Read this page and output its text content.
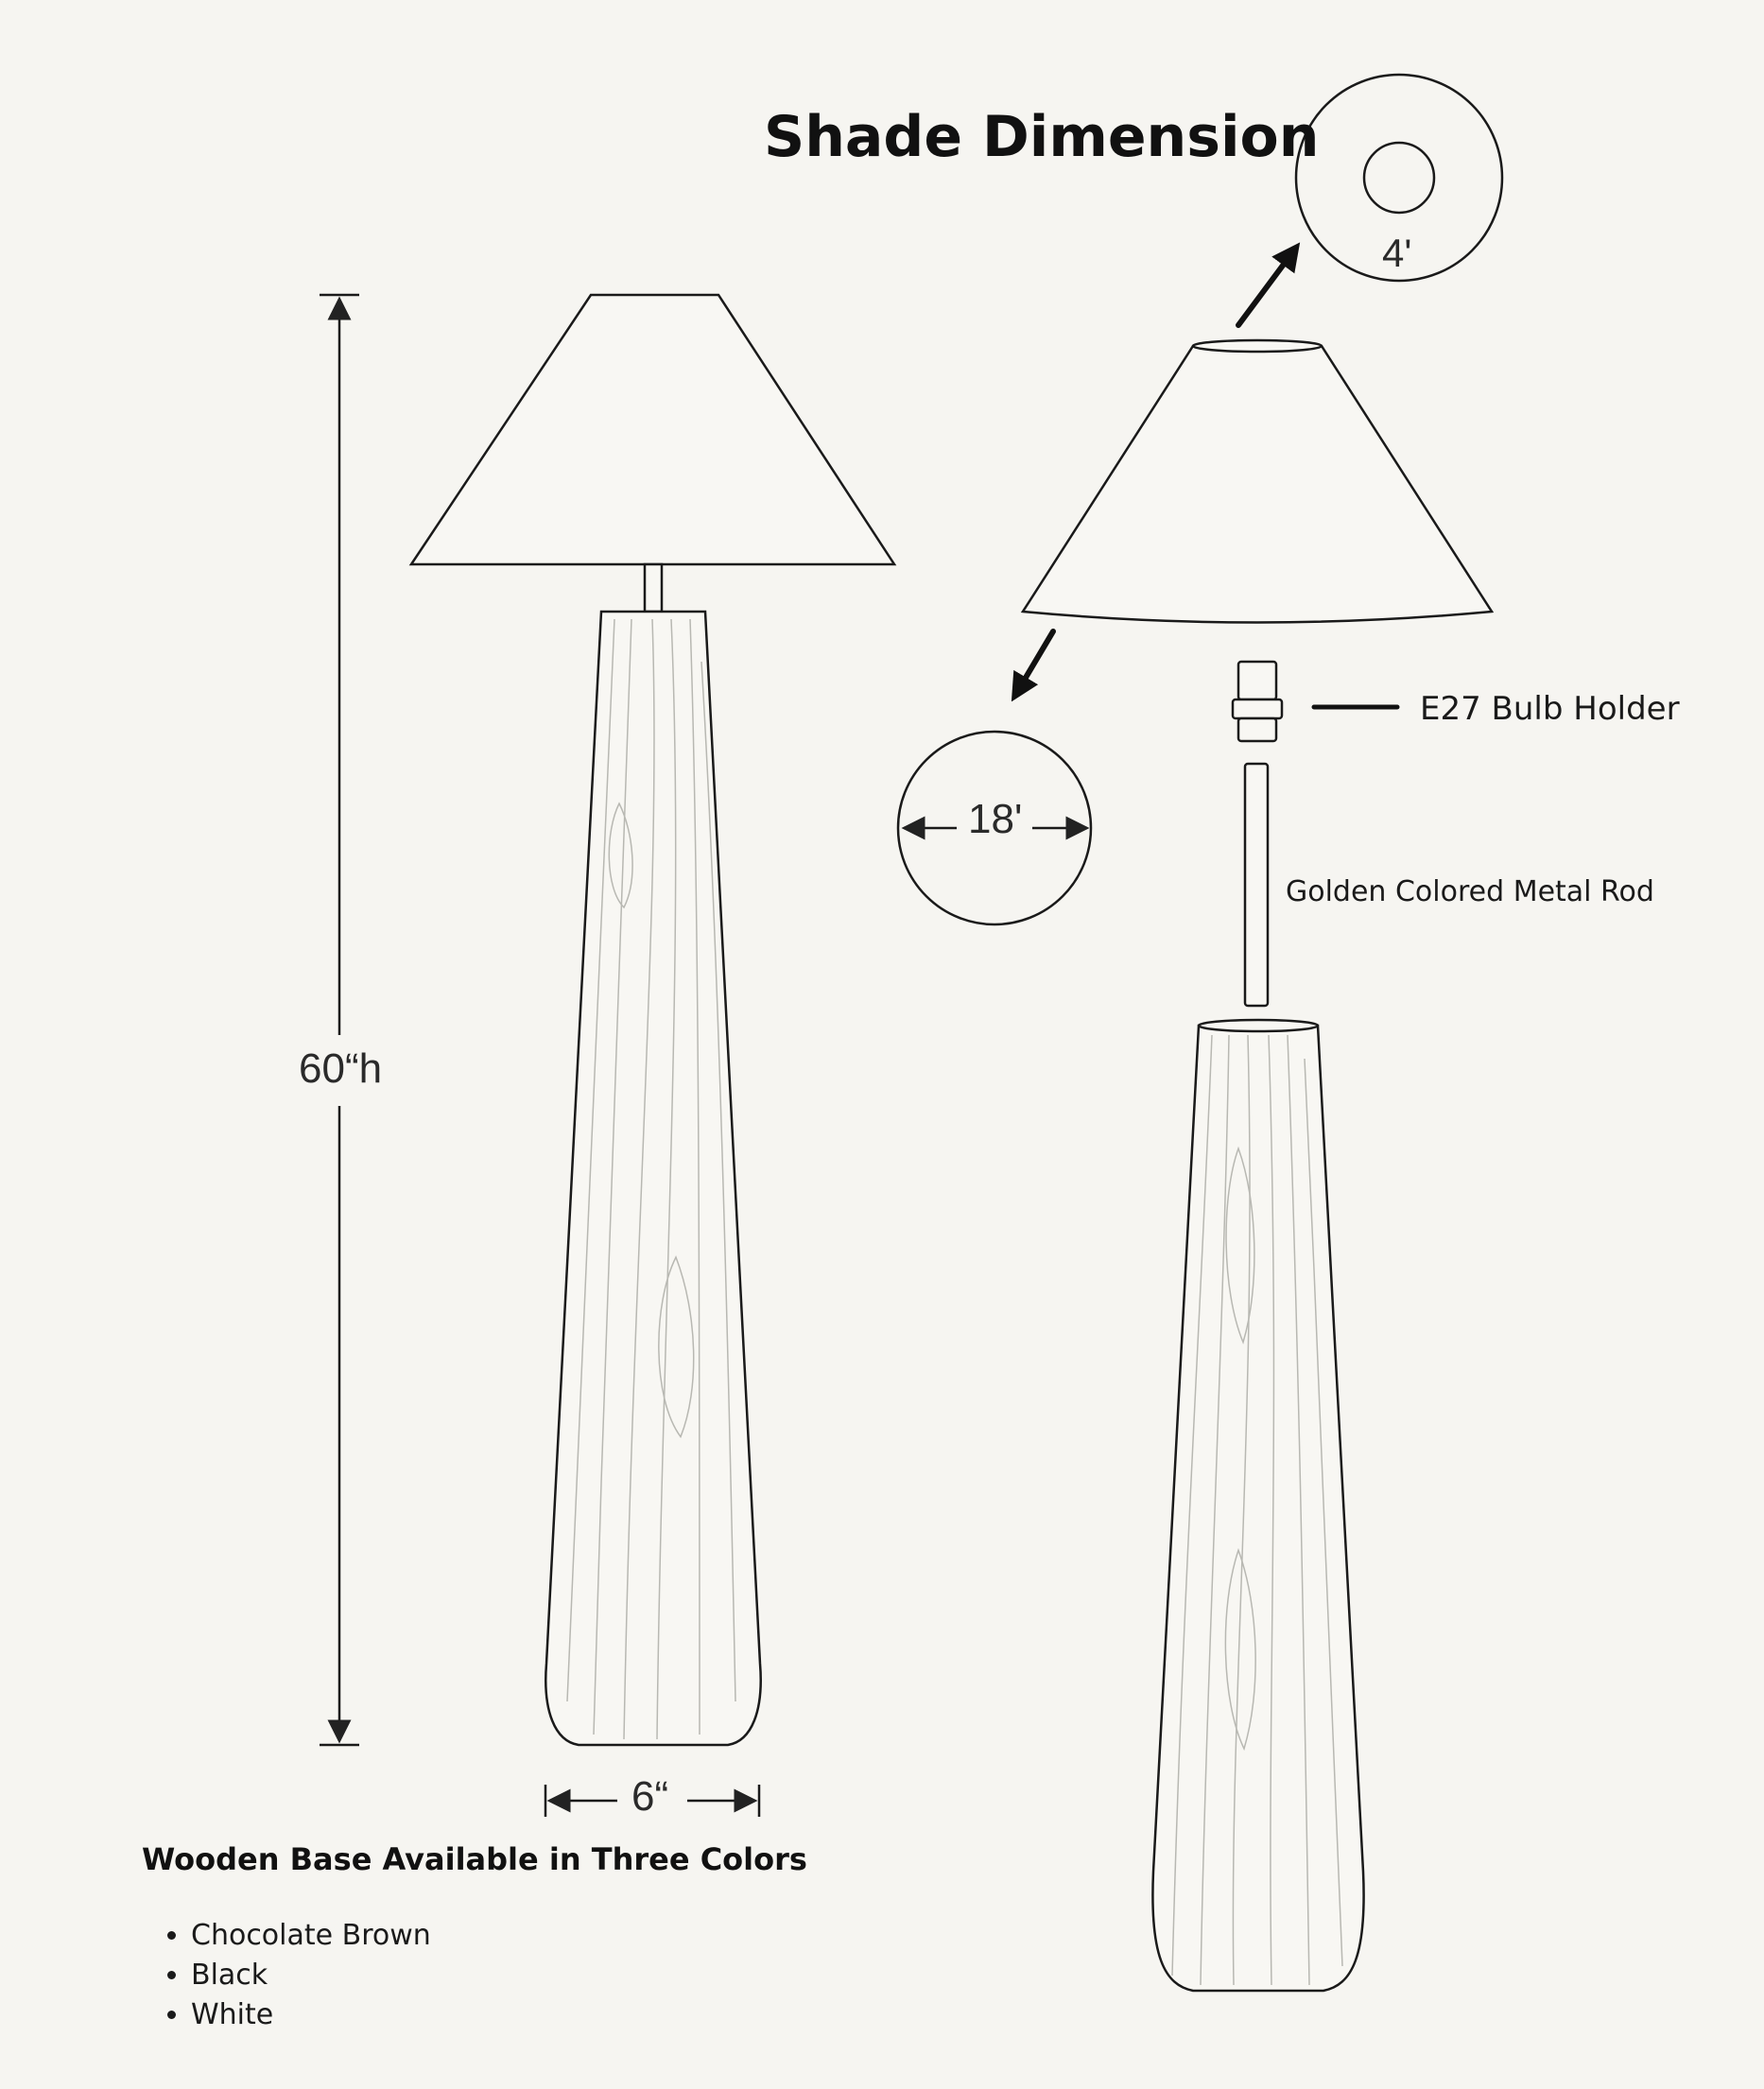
Shade Dimension
4'
18'
60“h
6“
E27 Bulb Holder
Golden Colored Metal Rod
Wooden Base Available in Three Colors
• Chocolate Brown
• Black
• White
